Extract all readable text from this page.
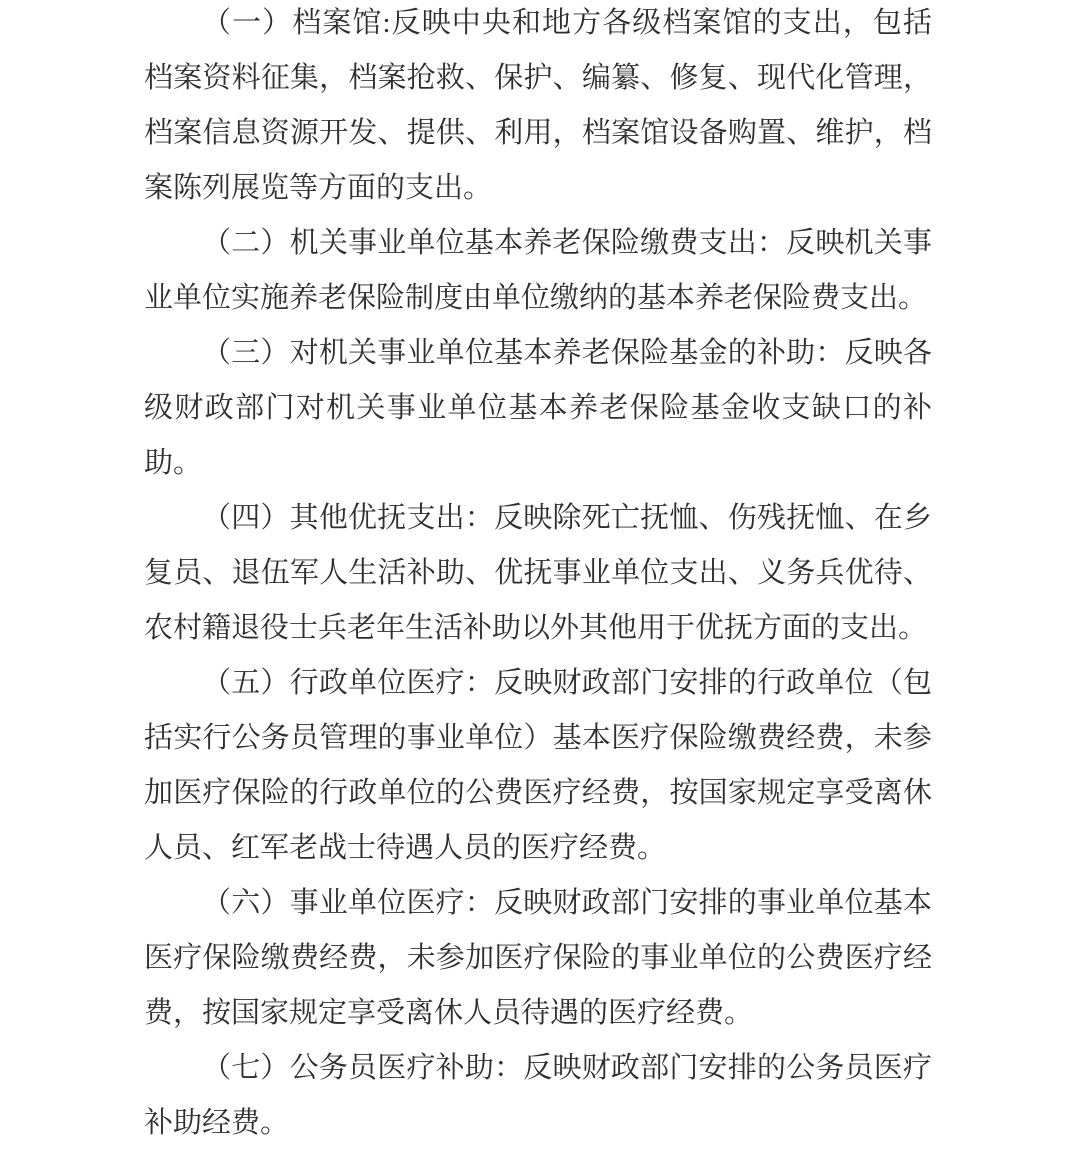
（一）档案馆:反映中央和地方各级档案馆的支出，包括档案资料征集，档案抢救、保护、编纂、修复、现代化管理，档案信息资源开发、提供、利用，档案馆设备购置、维护，档案陈列展览等方面的支出。

（二）机关事业单位基本养老保险缴费支出：反映机关事业单位实施养老保险制度由单位缴纳的基本养老保险费支出。

（三）对机关事业单位基本养老保险基金的补助：反映各级财政部门对机关事业单位基本养老保险基金收支缺口的补助。

（四）其他优抚支出：反映除死亡抚恤、伤残抚恤、在乡复员、退伍军人生活补助、优抚事业单位支出、义务兵优待、农村籍退役士兵老年生活补助以外其他用于优抚方面的支出。

（五）行政单位医疗：反映财政部门安排的行政单位（包括实行公务员管理的事业单位）基本医疗保险缴费经费，未参加医疗保险的行政单位的公费医疗经费，按国家规定享受离休人员、红军老战士待遇人员的医疗经费。

（六）事业单位医疗：反映财政部门安排的事业单位基本医疗保险缴费经费，未参加医疗保险的事业单位的公费医疗经费，按国家规定享受离休人员待遇的医疗经费。

（七）公务员医疗补助：反映财政部门安排的公务员医疗补助经费。
